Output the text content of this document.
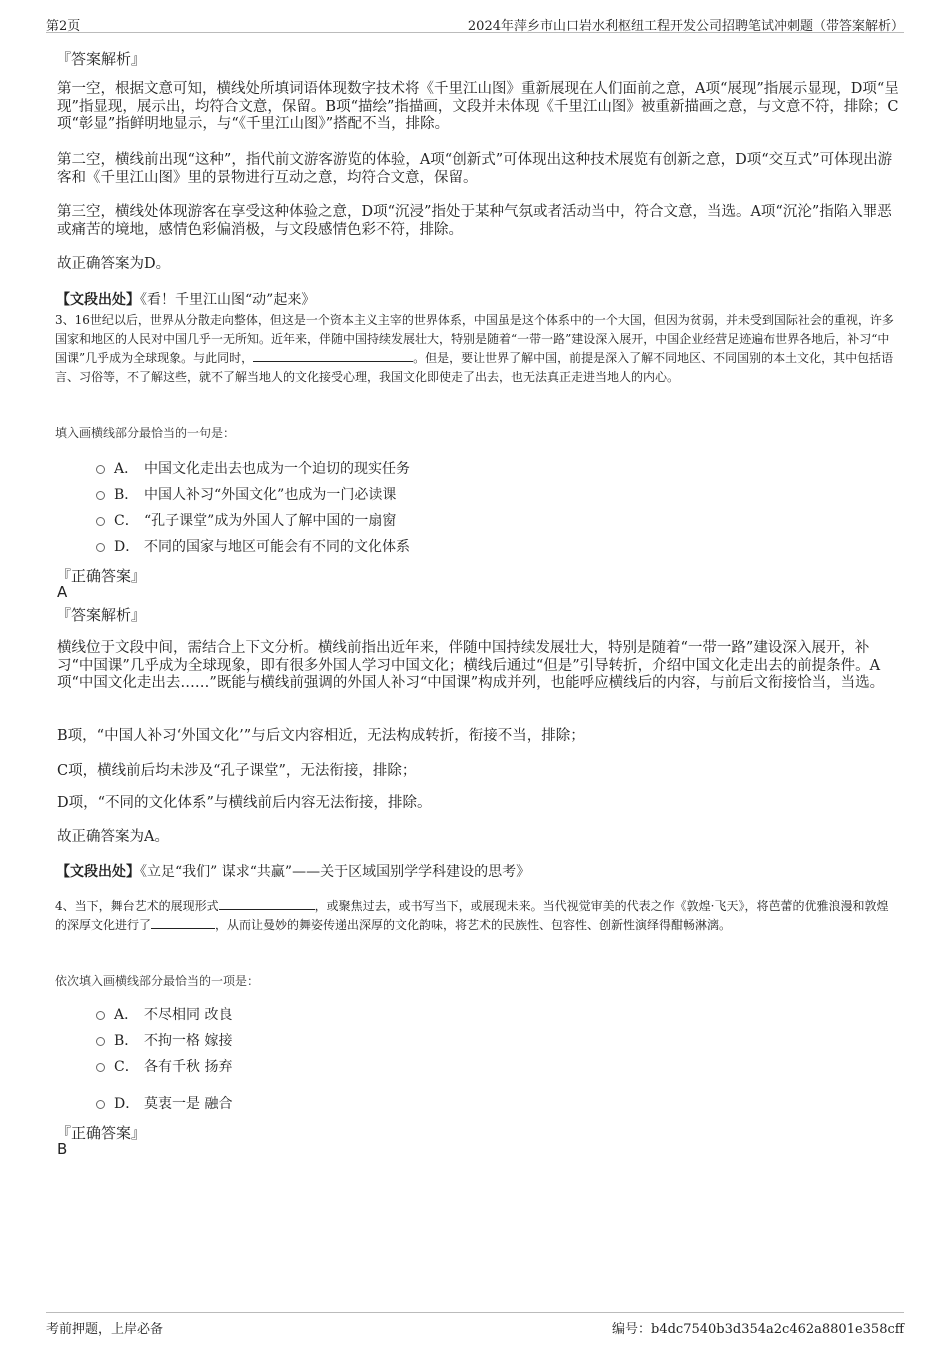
第2页	2024年萍乡市山口岩水利枢纽工程开发公司招聘笔试冲刺题（带答案解析）
『答案解析』

第一空，根据文意可知，横线处所填词语体现数字技术将《千里江山图》重新展现在人们面前之意，A项“展现”指展示显现，D项“呈现”指显现，展示出，均符合文意，保留。B项“描绘”指描画，文段并未体现《千里江山图》被重新描画之意，与文意不符，排除；C项“彰显”指鲜明地显示，与“《千里江山图》”搭配不当，排除。

第二空，横线前出现“这种”，指代前文游客游览的体验，A项“创新式”可体现出这种技术展览有创新之意，D项“交互式”可体现出游客和《千里江山图》里的景物进行互动之意，均符合文意，保留。

第三空，横线处体现游客在享受这种体验之意，D项“沉浸”指处于某种气氛或者活动当中，符合文意，当选。A项“沉沦”指陷入罪恶或痛苦的境地，感情色彩偏消极，与文段感情色彩不符，排除。

故正确答案为D。
【文段出处】《看！千里江山图“动”起来》

3、16世纪以后，世界从分散走向整体，但这是一个资本主义主宰的世界体系，中国虽是这个体系中的一个大国，但因为贫弱，并未受到国际社会的重视，许多国家和地区的人民对中国几乎一无所知。近年来，伴随中国持续发展壮大，特别是随着“一带一路”建设深入展开，中国企业经营足迹遍布世界各地后，补习“中国课”几乎成为全球现象。与此同时，	。但是，要让世界了解中国，前提是深入了解不同地区、不同国别的本土文化，其中包括语言、习俗等，不了解这些，就不了解当地人的文化接受心理，我国文化即使走了出去，也无法真正走进当地人的内心。

填入画横线部分最恰当的一句是：
A． 中国文化走出去也成为一个迫切的现实任务
B． 中国人补习“外国文化”也成为一门必读课
C． “孔子课堂”成为外国人了解中国的一扇窗
D． 不同的国家与地区可能会有不同的文化体系
『正确答案』
A
『答案解析』

横线位于文段中间，需结合上下文分析。横线前指出近年来，伴随中国持续发展壮大，特别是随着“一带一路”建设深入展开，补习“中国课”几乎成为全球现象，即有很多外国人学习中国文化；横线后通过“但是”引导转折，介绍中国文化走出去的前提条件。A项“中国文化走出去……”既能与横线前强调的外国人补习“中国课”构成并列，也能呼应横线后的内容，与前后文衔接恰当，当选。

B项，“中国人补习‘外国文化’”与后文内容相近，无法构成转折，衔接不当，排除；
C项，横线前后均未涉及“孔子课堂”，无法衔接，排除；
D项，“不同的文化体系”与横线前后内容无法衔接，排除。
故正确答案为A。
【文段出处】《立足“我们” 谋求“共赢”——关于区域国别学学科建设的思考》

4、当下，舞台艺术的展现形式	，或聚焦过去，或书写当下，或展现未来。当代视觉审美的代表之作《敦煌·飞天》，将芭蕾的优雅浪漫和敦煌的深厚文化进行了	，从而让曼妙的舞姿传递出深厚的文化韵味，将艺术的民族性、包容性、创新性演绎得酣畅淋漓。

依次填入画横线部分最恰当的一项是：
A． 不尽相同 改良
B． 不拘一格 嫁接
C． 各有千秋 扬弃
D． 莫衷一是 融合
『正确答案』
B
考前押题，上岸必备	编号：b4dc7540b3d354a2c462a8801e358cff
